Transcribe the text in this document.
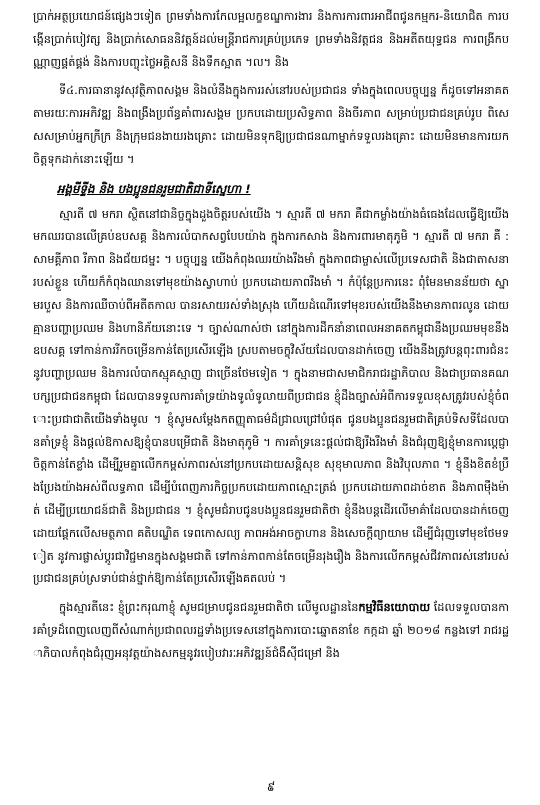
ប្រាក់អត្ថប្រយោជន៍ផ្សេងៗទៀត ព្រមទាំងការកែលម្អលក្ខខណ្ឌការងារ និងការការពារអាជីពជូនកម្មករ-និយោជិត ការបង្កើនប្រាក់បៀវត្ស និងប្រាក់សោធននិវត្តន៍ដល់មន្ត្រីរាជការគ្រប់ប្រភេទ ព្រមទាំងនិវត្តជន និងអតីតយុទ្ធជន ការពង្រីកបណ្ណាញផ្គត់ផ្គង់ និងការបញ្ចុះថ្លៃអគ្គិសនី និងទឹកស្អាត ។ល។ និង

ទី៤.ការធានានូវសុវត្ថិភាពសង្គម និងលំនឹងក្នុងការរស់នៅរបស់ប្រជាជន ទាំងក្នុងពេលបច្ចុប្បន្ន ក៏ដូចទៅអនាគត តាមរយៈការអភិវឌ្ឍ និងពង្រឹងប្រព័ន្ធគាំពារសង្គម ប្រកបដោយប្រសិទ្ធភាព និងចីរភាព សម្រាប់ប្រជាជនគ្រប់រូប ពិសេសសម្រាប់អ្នកក្រីក្រ និងក្រុមជនងាយរងគ្រោះ ដោយមិនទុកឱ្យប្រជាជនណាម្នាក់ទទួលរងគ្រោះ ដោយមិនមានការយកចិត្តទុកដាក់នោះឡើយ ។

អង្គមីទ្ទីង និង បងប្អូនជនរួមជាតិជាទីស្នេហា !

ស្មារតី ៧ មករា ស្ថិតនៅជានិច្ចក្នុងដួងចិត្តរបស់យើង ។ ស្មារតី ៧ មករា គឺជាកម្លាំងយ៉ាងធំធេងដែលធ្វើឱ្យយើងមកឈរបានលើគ្រប់ឧបសគ្គ និងការលំបាកសព្វបែបយ៉ាង ក្នុងការកសាង និងការពារមាតុភូមិ ។ ស្មារតី ៧ មករា គឺ : សាមគ្គីភាព រីភាព និងជ័យជម្នះ ។ បច្ចុប្បន្ន យើងកំពុងឈរយ៉ាងរឹងមាំ ក្នុងភាពជាម្ចាស់លើប្រទេសជាតិ និងជាតាសនារបស់ខ្លួន ហើយក៏កំពុងឈានទៅមុខយ៉ាងស្វាហាប់ ប្រកបដោយភាពរឹងមាំ ។ កំប៉ុន្តែប្រការនេះ ពុំមែនមានន័យថា ស្នាមរបួស និងការឈឺចាប់ពីអតីតកាល បានរសាយរស់ទាំងស្រុង ហើយដំណើរទៅមុខរបស់យើងនឹងមានភាពរលូន ដោយគ្មានបញ្ហាប្រឈម និងហានិភ័យនោះទេ ។ ច្បាស់ណាស់ថា នៅក្នុងការដឹកនាំនាពេលអនាគតកម្ពុជានឹងប្រឈមមុខនឹងឧបសគ្គ ទៅកាន់ការរីកចម្រើនកាន់តែប្រសើរឡើង ស្របតាមចក្ខុវិស័យដែលបានដាក់ចេញ យើងនឹងត្រូវបន្តពុះពារជំនះនូវបញ្ហាប្រឈម និងការលំបាកស្មុគស្មាញ ជាច្រើនថែមទៀត ។ ក្នុងនាមជាសមាជិករាជរដ្ឋាភិបាល និងជាប្រធានគណបក្សប្រជាជនកម្ពុជា ដែលបានទទួលការគាំទ្រយ៉ាងទូលំទូលាយពីប្រជាជន ខ្ញុំដឹងច្បាស់អំពីការទទួលខុសត្រូវរបស់ខ្ញុំចំពោះប្រជាជាតិយើងទាំងមូល ។ ខ្ញុំសូមសម្តែងកតញ្ញុតាធម៌ដ៏ជ្រាលជ្រៅបំផុត ជូនបងប្អូនជនរួមជាតិគ្រប់ទិសទីដែលបានគាំទ្រខ្ញុំ និងផ្តល់ឱកាសឱ្យខ្ញុំបានបម្រើជាតិ និងមាតុភូមិ ។ ការគាំទ្រនេះផ្តល់ជាឱ្យរឹងរឹងមាំ និងជំរុញឱ្យខ្ញុំមានការប្តេជ្ញាចិត្តកាន់តែខ្លាំង ដើម្បីរួមគ្នាលើកកម្ពស់ភាពរស់នៅប្រកបដោយសន្តិសុខ សុខុមាលភាព និងវិបុលភាព ។ ខ្ញុំនឹងខិតខំប្រឹងប្រែងយ៉ាងអស់ពីលទ្ធភាព ដើម្បីបំពេញភារកិច្ចប្រកបដោយភាពស្មោះត្រង់ ប្រកបដោយភាពដាច់ខាត និងភាពម៉ឺងម៉ាត់ ដើម្បីប្រយោជន៍ជាតិ និងប្រជាជន ។ ខ្ញុំសូមជំរាបជូនបងប្អូនជនរួមជាតិថា ខ្ញុំនឹងបន្តដើរលើមាគ៌ាដែលបានដាក់ចេញ ដោយផ្តែកលើសមត្ថភាព គតិបណ្ឌិត ទេពកោសល្យ ភាពអង់អាចក្លាហាន និងសេចក្តីព្យាយាម ដើម្បីជំរុញទៅមុខថែមទៀត នូវការផ្លាស់ប្តូរជាវិជ្ជមានក្នុងសង្គមជាតិ ទៅកាន់ភាពកាន់តែចម្រើនរុងរឿង និងការលើកកម្ពស់ជីវភាពរស់នៅរបស់ប្រជាជនគ្រប់ស្រទាប់ជាន់ថ្នាក់ឱ្យកាន់តែប្រសើរឡើងគតលប់ ។

ក្នុងស្មារតីនេះ ខ្ញុំព្រះករុណាខ្ញុំ សូមជម្រាបជូនជនរួមជាតិថា លើមូលដ្ឋាននៃកម្មវិធីនយោបាយ ដែលទទួលបានការគាំទ្រដ៏ពេញលេញពីសំណាក់ប្រជាពលរដ្ឋទាំងប្រទេសនៅក្នុងការបោះឆ្នោតនាខែ កក្កដា ឆ្នាំ ២០១៨ កន្លងទៅ រាជរដ្ឋាភិបាលកំពុងជំរុញអនុវត្តយ៉ាងសកម្មនូវរបៀបវារៈអភិវឌ្ឍន៍ជំងឺស៊ីជម្រៅ និង

៩
